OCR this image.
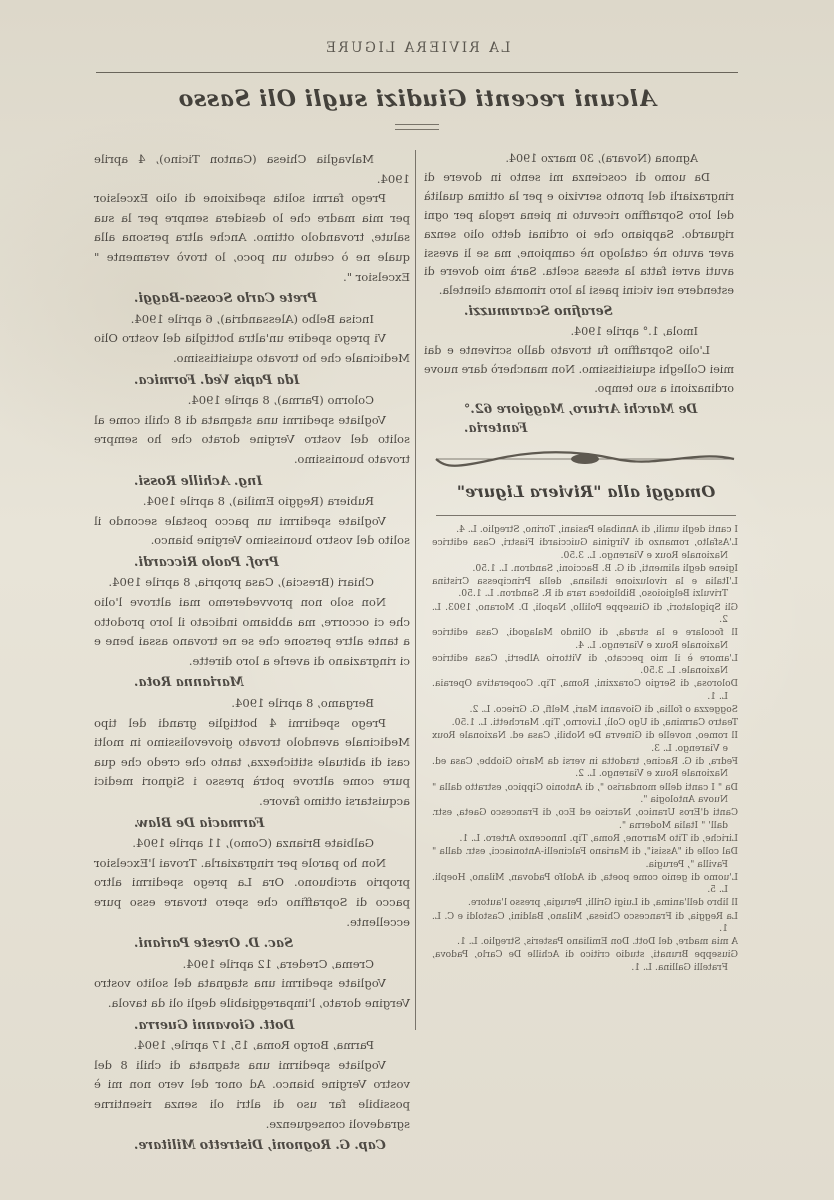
LA RIVIERA LIGURE
Alcuni recenti Giudizi sugli Oli Sasso

Agnona (Novara), 30 marzo 1904.

Da uomo di coscienza mi sento in dovere di ringraziarli del pronto servizio e per la ottima qualità del loro Sopraffino ricevuto in piena regola per ogni riguardo. Sappiano che io ordinai detto olio senza aver avuto nè catalogo nè campione, ma se li avessi avuti avrei fatta la stessa scelta. Sarà mio dovere di estendere nei vicini paesi la loro rinomata clientela.

Serafino Scaramuzzi.

Imola, 1.° aprile 1904.

L'olio Sopraffino fu trovato dallo scrivente e dai miei Colleghi squisitissimo. Non mancherò dare nuove ordinazioni a suo tempo.

De Marchi Arturo, Maggiore 62.° Fanteria.

Omaggi alla "Riviera Ligure"
I canti degli umili, di Annibale Pasiani, Torino, Streglio. L. 4.
L'Asfalto, romanzo di Virginia Guicciardi Fiastri, Casa editrice Nazionale Roux e Viarengo. L. 3.50.
Igiene degli alimenti, di G. B. Baccioni, Sandron. L. 1.50.
L'Italia e la rivoluzione italiana, della Principessa Cristina Trivulzi Belgioioso, Biblioteca rara di R. Sandron. L. 1.50.
Gli Spigolatori, di Giuseppe Polillo, Napoli, D. Morano, 1903. L. 2.
Il focolare e la strada, di Olindo Malagodi, Casa editrice Nazionale Roux e Viarengo. L. 4.
L'amore è il mio peccato, di Vittorio Alberti, Casa editrice Nazionale. L. 3.50.
Dolorosa, di Sergio Corazzini, Roma, Tip. Cooperativa Operaia. L. 1.
Soggezza o follia, di Giovanni Mari, Melfi, G. Grieco. L. 2.
Teatro Carmina, di Ugo Colì, Livorno, Tip. Marchetti. L. 1.50.
Il romeo, novelle di Ginevra De Nobili, Casa ed. Nazionale Roux e Viarengo. L. 3.
Fedra, di G. Racine, tradotta in versi da Mario Giobbe, Casa ed. Nazionale Roux e Viarengo. L. 2.
Da " I canti delle mondariso ", di Antonio Cippico, estratto dalla " Nuova Antologia ".
Canti d'Eros Uranico, Narciso ed Eco, di Francesco Gaeta, estr. dall' " Italia Moderna ".
Liriche, di Tito Marrone, Roma, Tip. Innocenzo Artero. L. 1.
Dal colle di "Assisi", di Mariano Falcinelli-Antoniacci, estr. dalla " Favilla ", Perugia.
L'uomo di genio come poeta, di Adolfo Padovan, Milano, Hoepli. L. 5.
Il libro dell'anima, di Luigi Grilli, Perugia, presso l'autore.
La Reggia, di Francesco Chiesa, Milano, Baldini, Castoldi e C. L. 1.
A mia madre, del Dott. Don Emiliano Pasteris, Streglio. L. 1.
Giuseppe Brunati, studio critico di Achille De Carlo, Padova, Fratelli Gallina. L. 1.

Malvaglia Chiesa (Canton Ticino), 4 aprile 1904.

Prego farmi solita spedizione di olio Excelsior per mia madre che lo desidera sempre per la sua salute, trovandolo ottimo. Anche altra persona alla quale ne ò ceduto un poco, lo trovò veramente " Excelsior ".

Prete Carlo Scossa-Baggi.

Incisa Belbo (Alessandria), 6 aprile 1904.

Vi prego spedire un'altra bottiglia del vostro Olio Medicinale che ho trovato squisitissimo.

Ida Papis Ved. Formica.

Colorno (Parma), 8 aprile 1904.

Vogliate spedirmi una stagnata di 8 chili come al solito del vostro Vergine dorato che ho sempre trovato buonissimo.

Ing. Achille Rossi.

Rubiera (Reggio Emilia), 8 aprile 1904.

Vogliate spedirmi un pacco postale secondo il solito del vostro buonissimo Vergine bianco.

Prof. Paolo Riccardi.

Chiari (Brescia), Casa propria, 8 aprile 1904.

Non solo non provvederemo mai altrove l'olio che ci occorre, ma abbiamo indicato il loro prodotto a tante altre persone che se ne trovano assai bene e ci ringraziano di averle a loro dirette.

Marianna Rota.

Bergamo, 8 aprile 1904.

Prego spedirmi 4 bottiglie grandi del tipo Medicinale avendolo trovato giovevolissimo in molti casi di abituale stitichezza, tanto che credo che qua pure come altrove potrà presso i Signori medici acquistarsi ottimo favore.

Farmacia De Blaw.

Galbiate Brianza (Como), 11 aprile 1904.

Non ho parole per ringraziarla. Trovai l'Excelsior proprio arcibuono. Ora La prego spedirmi altro pacco di Sopraffino che spero trovare esso pure eccellente.

Sac. D. Oreste Pariani.

Crema, Credera, 12 aprile 1904.

Vogliate spedirmi una stagnata del solito vostro Vergine dorato, l'impareggiabile degli oli da tavola.

Dott. Giovanni Guerra.

Parma, Borgo Roma, 15, 17 aprile, 1904.

Vogliate spedirmi una stagnata di chili 8 del vostro Vergine bianco. Ad onor del vero non mi è possibile far uso di altri oli senza risentirne sgradevoli conseguenze.

Cap. G. Rognoni, Distretto Militare.
